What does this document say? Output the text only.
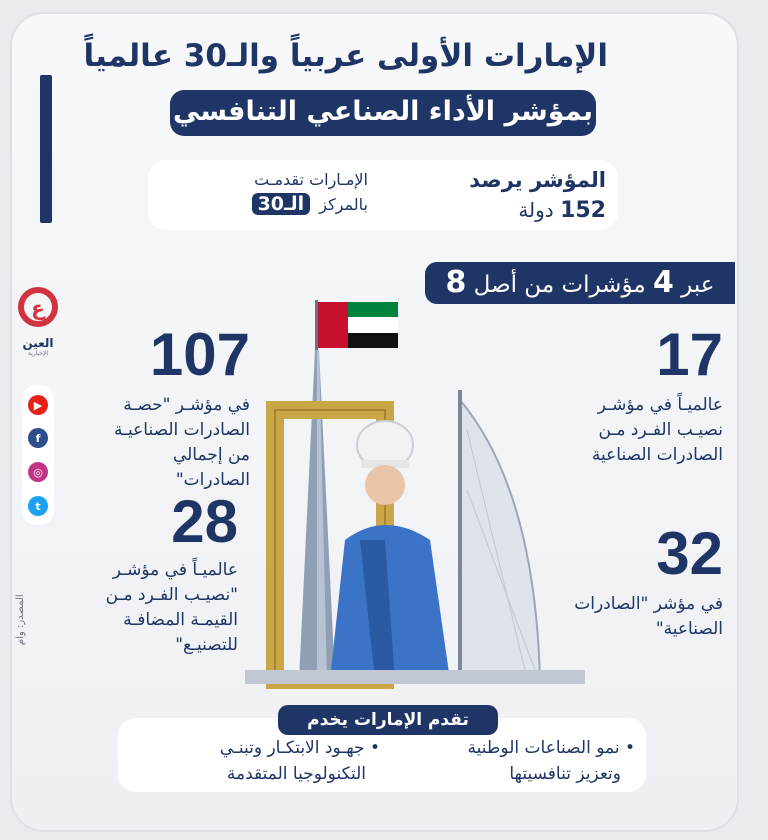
الإمارات الأولى عربياً والـ30 عالمياً
بمؤشر الأداء الصناعي التنافسي
المؤشر يرصد
152 دولة
الإمـارات تقدمـت
بالمركز الـ30
عبر 4 مؤشرات من أصل 8
107
في مؤشـر "حصـة
الصادرات الصناعيـة
من إجمالي الصادرات"
17
عالميـاً في مؤشـر
نصيـب الفـرد مـن
الصادرات الصناعية
28
عالميـاً في مؤشـر
"نصيـب الفـرد مـن
القيمـة المضافـة
للتصنيـع"
32
في مؤشر "الصادرات
الصناعية"
ع
العين
الإخبارية
▶
f
◎
t
المصدر: وام
تقدم الإمارات يخدم
• نمو الصناعات الوطنية
وتعزيز تنافسيتها
• جهـود الابتكـار وتبنـي
التكنولوجيا المتقدمة
